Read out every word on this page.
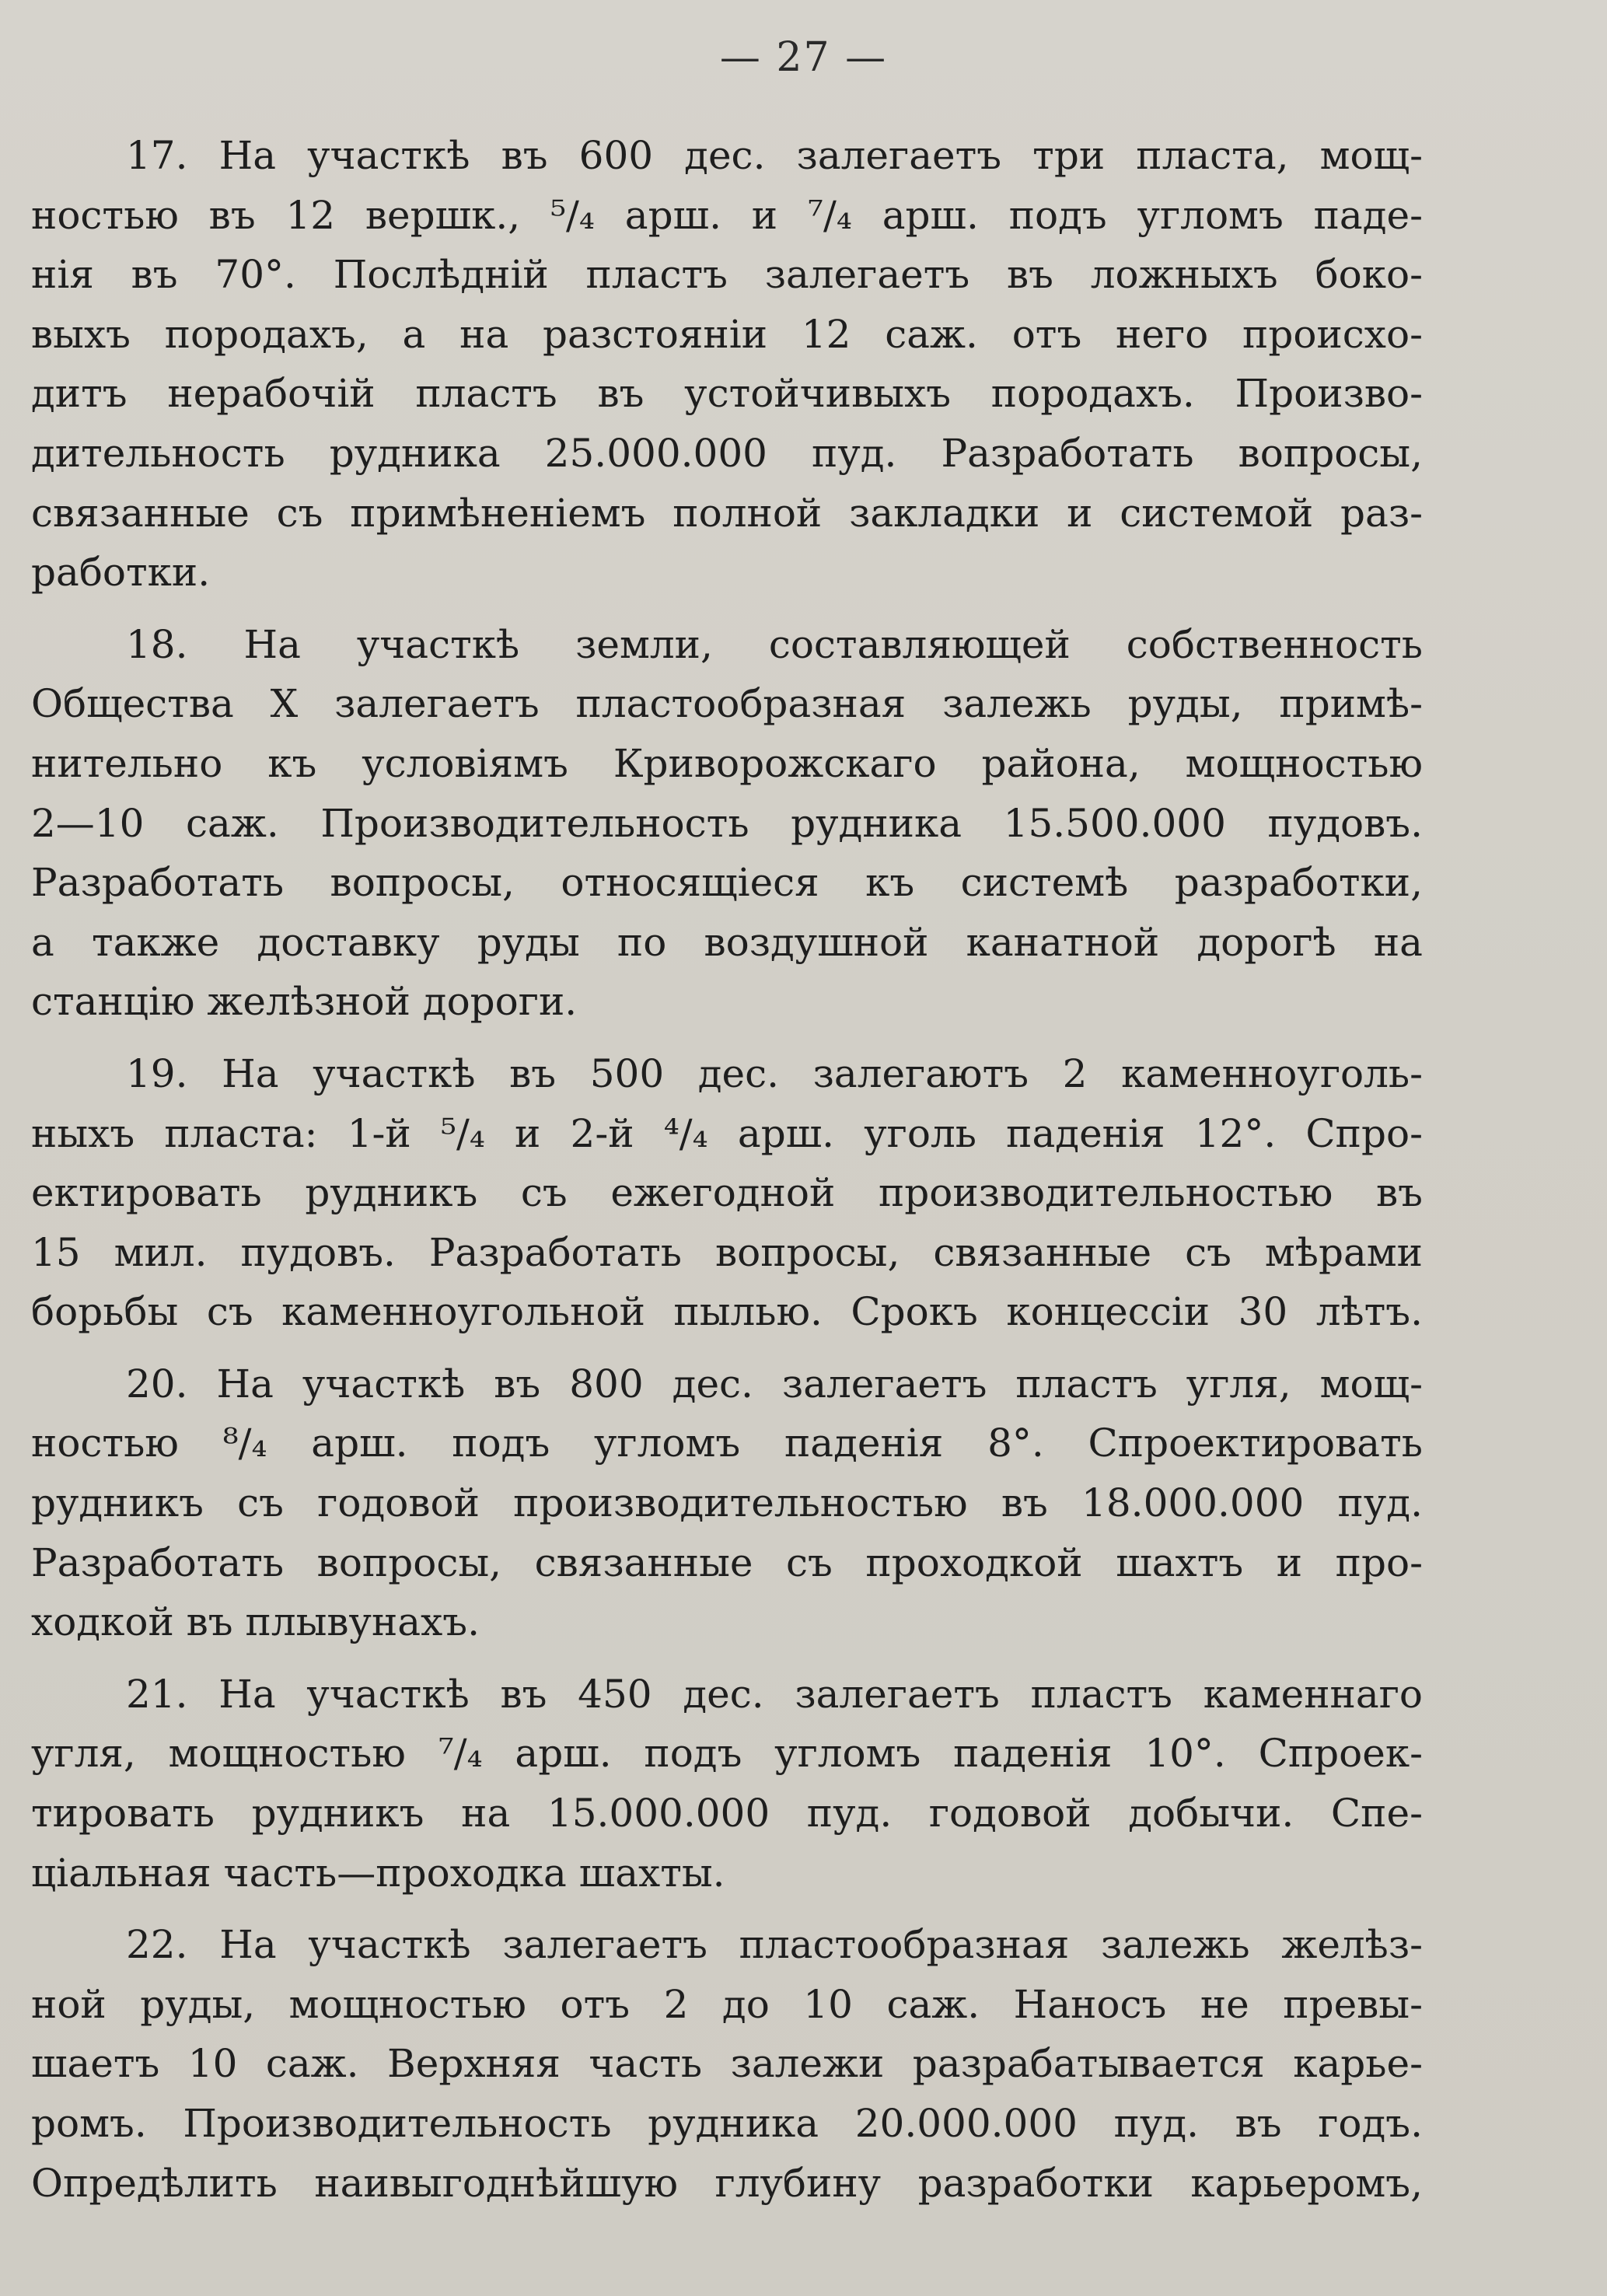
— 27 —

17. На участкѣ въ 600 дес. залегаетъ три пласта, мощ-
ностью въ 12 вершк., ⁵/₄ арш. и ⁷/₄ арш. подъ угломъ паде-
нія въ 70°. Послѣдній пластъ залегаетъ въ ложныхъ боко-
выхъ породахъ, а на разстояніи 12 саж. отъ него происхо-
дитъ нерабочій пластъ въ устойчивыхъ породахъ. Произво-
дительность рудника 25.000.000 пуд. Разработать вопросы,
связанные съ примѣненіемъ полной закладки и системой раз-
работки.

18. На участкѣ земли, составляющей собственность
Общества X залегаетъ пластообразная залежь руды, примѣ-
нительно къ условіямъ Криворожскаго района, мощностью
2—10 саж. Производительность рудника 15.500.000 пудовъ.
Разработать вопросы, относящіеся къ системѣ разработки,
а также доставку руды по воздушной канатной дорогѣ на
станцію желѣзной дороги.

19. На участкѣ въ 500 дес. залегаютъ 2 каменноуголь-
ныхъ пласта: 1-й ⁵/₄ и 2-й ⁴/₄ арш. уголь паденія 12°. Спро-
ектировать рудникъ съ ежегодной производительностью въ
15 мил. пудовъ. Разработать вопросы, связанные съ мѣрами
борьбы съ каменноугольной пылью. Срокъ концессіи 30 лѣтъ.

20. На участкѣ въ 800 дес. залегаетъ пластъ угля, мощ-
ностью ⁸/₄ арш. подъ угломъ паденія 8°. Спроектировать
рудникъ съ годовой производительностью въ 18.000.000 пуд.
Разработать вопросы, связанные съ проходкой шахтъ и про-
ходкой въ плывунахъ.

21. На участкѣ въ 450 дес. залегаетъ пластъ каменнаго
угля, мощностью ⁷/₄ арш. подъ угломъ паденія 10°. Спроек-
тировать рудникъ на 15.000.000 пуд. годовой добычи. Спе-
ціальная часть—проходка шахты.

22. На участкѣ залегаетъ пластообразная залежь желѣз-
ной руды, мощностью отъ 2 до 10 саж. Наносъ не превы-
шаетъ 10 саж. Верхняя часть залежи разрабатывается карье-
ромъ. Производительность рудника 20.000.000 пуд. въ годъ.
Опредѣлить наивыгоднѣйшую глубину разработки карьеромъ,
